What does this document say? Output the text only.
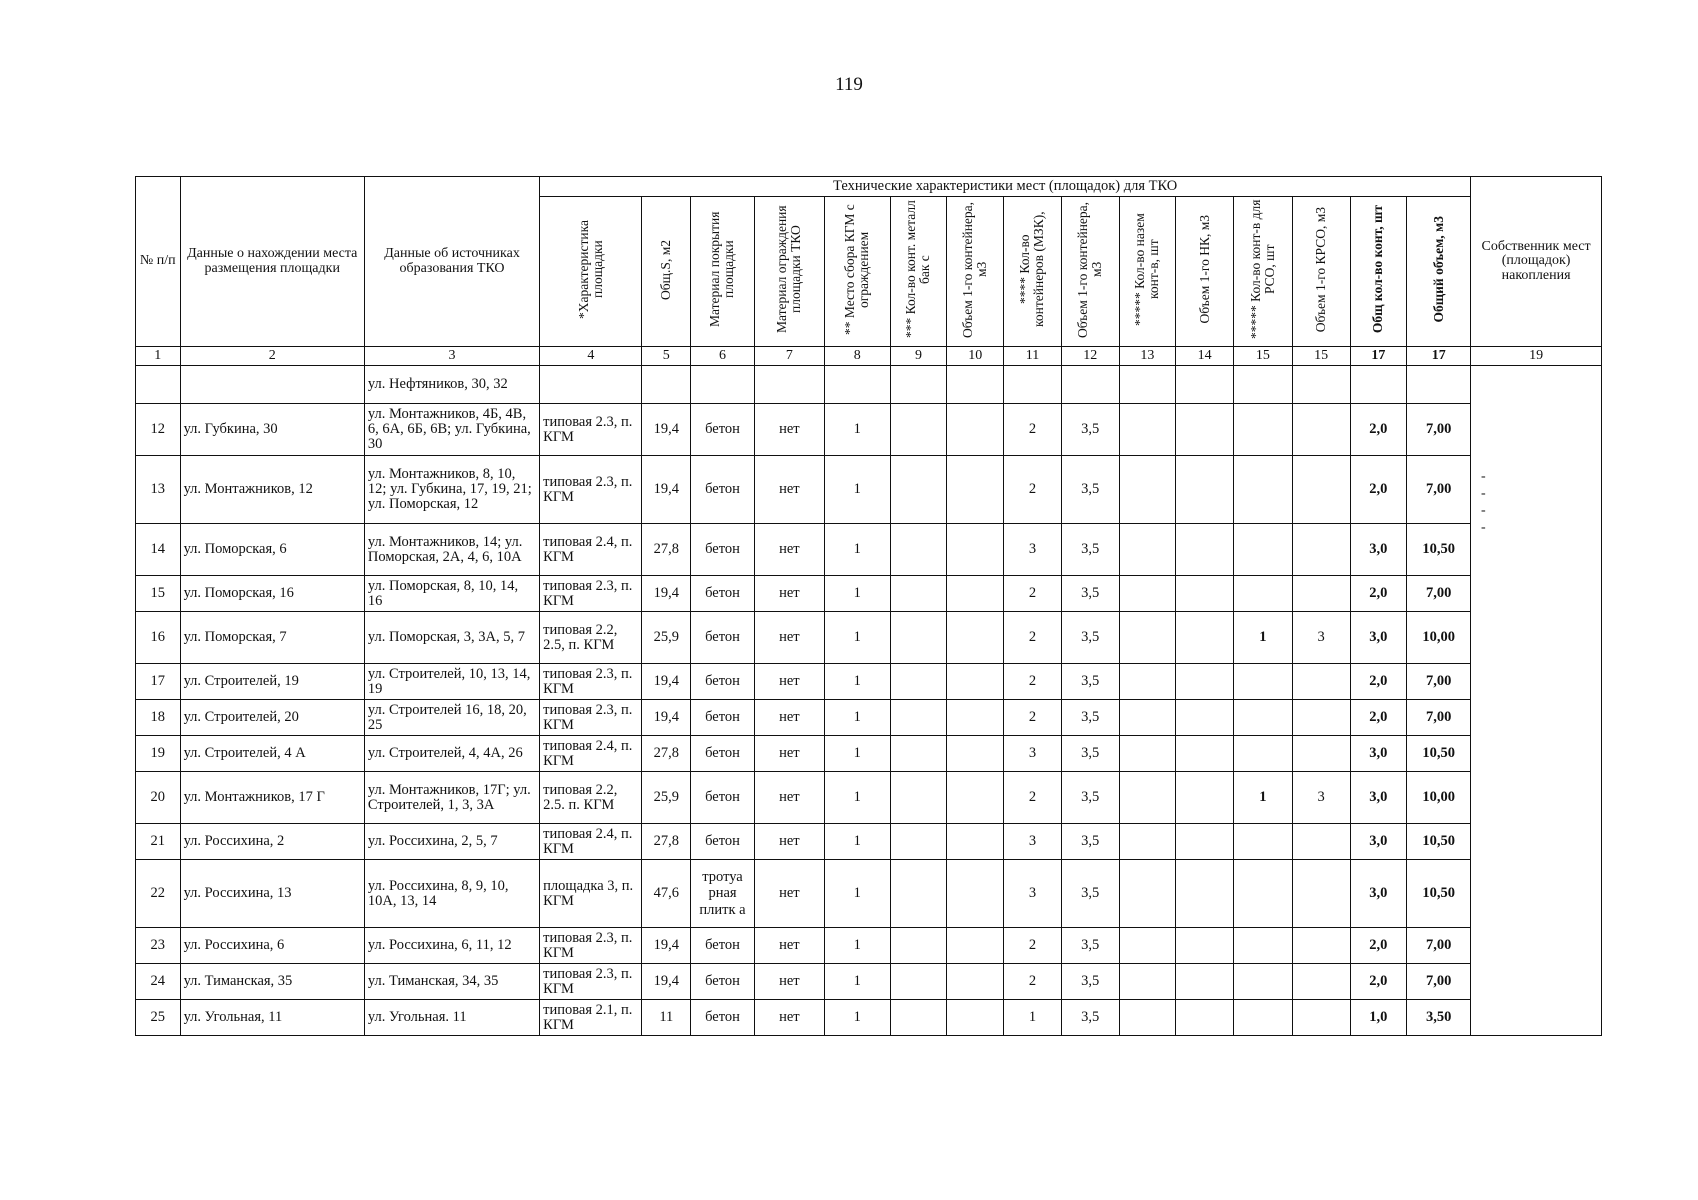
119
№ п/п	Данные о нахождении места размещения площадки	Данные об источниках образования ТКО	Технические характеристики мест (площадок) для ТКО															Собственник мест (площадок) накопления
			*Характеристика площадки	Общ.S, м2	Материал покрытия площадки	Материал ограждения площадки ТКО	** Место сбора КГМ с ограждением	*** Кол-во конт. металл бак с	Объем 1-го контейнера, м3	**** Кол-во контейнеров (МЗК),	Объем 1-го контейнера, м3	***** Кол-во назем конт-в, шт	Объем 1-го НК, м3	***** Кол-во конт-в для РСО, шт	Объем 1-го КРСО, м3	Общ кол-во конт, шт	Общий объем, м3	
1	2	3	4	5	6	7	8	9	10	11	12	13	14	15	15	17	17	19
		ул. Нефтяников, 30, 32																
12	ул. Губкина, 30	ул. Монтажников, 4Б, 4В, 6, 6А, 6Б, 6В; ул. Губкина, 30	типовая 2.3, п. КГМ	19,4	бетон	нет	1			2	3,5					2,0	7,00	
13	ул. Монтажников, 12	ул. Монтажников, 8, 10, 12; ул. Губкина, 17, 19, 21; ул. Поморская, 12	типовая 2.3, п. КГМ	19,4	бетон	нет	1			2	3,5					2,0	7,00	
14	ул. Поморская, 6	ул. Монтажников, 14; ул. Поморская, 2А, 4, 6, 10А	типовая 2.4, п. КГМ	27,8	бетон	нет	1			3	3,5					3,0	10,50	
15	ул. Поморская, 16	ул. Поморская, 8, 10, 14, 16	типовая 2.3, п. КГМ	19,4	бетон	нет	1			2	3,5					2,0	7,00	
16	ул. Поморская, 7	ул. Поморская, 3, 3А, 5, 7	типовая 2.2, 2.5, п. КГМ	25,9	бетон	нет	1			2	3,5			1	3	3,0	10,00	
17	ул. Строителей, 19	ул. Строителей, 10, 13, 14, 19	типовая 2.3, п. КГМ	19,4	бетон	нет	1			2	3,5					2,0	7,00	
18	ул. Строителей, 20	ул. Строителей 16, 18, 20, 25	типовая 2.3, п. КГМ	19,4	бетон	нет	1			2	3,5					2,0	7,00	
19	ул. Строителей, 4 А	ул. Строителей, 4, 4А, 26	типовая 2.4, п. КГМ	27,8	бетон	нет	1			3	3,5					3,0	10,50	
20	ул. Монтажников, 17 Г	ул. Монтажников, 17Г; ул. Строителей, 1, 3, 3А	типовая 2.2, 2.5. п. КГМ	25,9	бетон	нет	1			2	3,5			1	3	3,0	10,00	
21	ул. Россихина, 2	ул. Россихина, 2, 5, 7	типовая 2.4, п. КГМ	27,8	бетон	нет	1			3	3,5					3,0	10,50	
22	ул. Россихина, 13	ул. Россихина, 8, 9, 10, 10А, 13, 14	площадка 3, п. КГМ	47,6	тротуа рная плитк а	нет	1			3	3,5					3,0	10,50	
23	ул. Россихина, 6	ул. Россихина, 6, 11, 12	типовая 2.3, п. КГМ	19,4	бетон	нет	1			2	3,5					2,0	7,00	
24	ул. Тиманская, 35	ул. Тиманская, 34, 35	типовая 2.3, п. КГМ	19,4	бетон	нет	1			2	3,5					2,0	7,00	
25	ул. Угольная, 11	ул. Угольная. 11	типовая 2.1, п. КГМ	11	бетон	нет	1			1	3,5					1,0	3,50	
-
-
-
-
